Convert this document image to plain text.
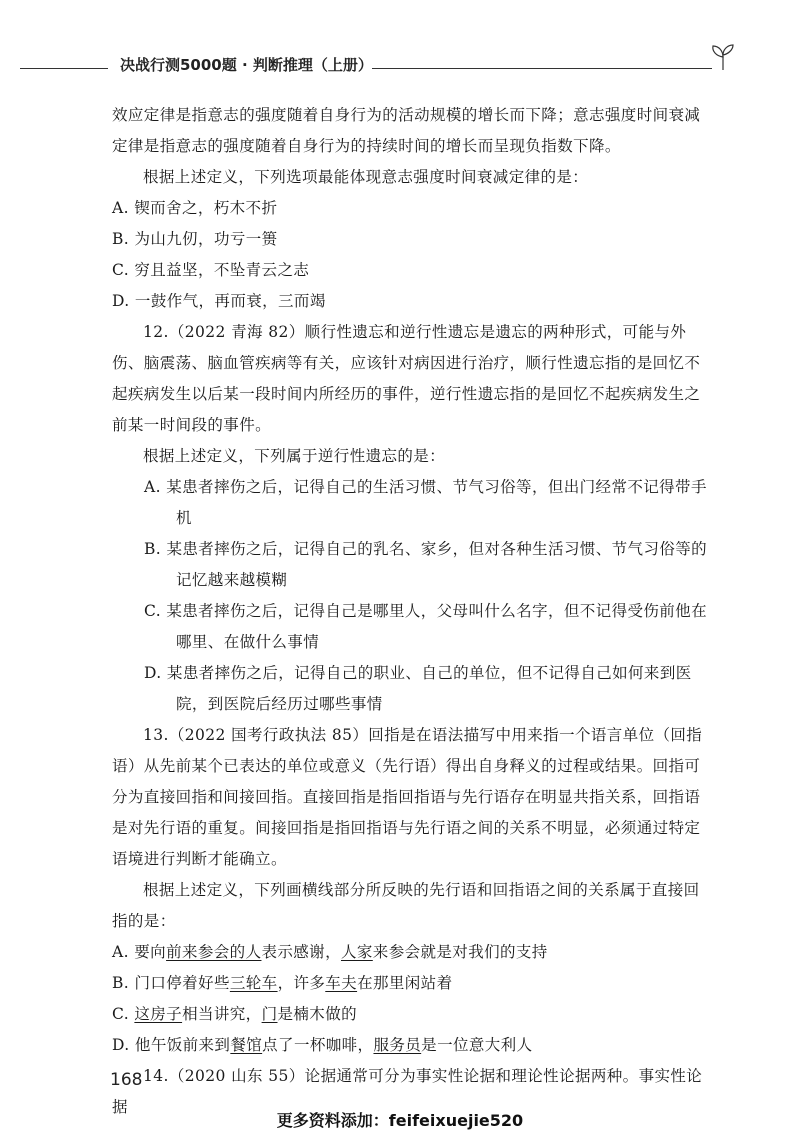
决战行测5000题 · 判断推理（上册）

效应定律是指意志的强度随着自身行为的活动规模的增长而下降；意志强度时间衰减定律是指意志的强度随着自身行为的持续时间的增长而呈现负指数下降。

根据上述定义，下列选项最能体现意志强度时间衰减定律的是：

A. 锲而舍之，朽木不折

B. 为山九仞，功亏一篑

C. 穷且益坚，不坠青云之志

D. 一鼓作气，再而衰，三而竭

12.（2022 青海 82）顺行性遗忘和逆行性遗忘是遗忘的两种形式，可能与外伤、脑震荡、脑血管疾病等有关，应该针对病因进行治疗，顺行性遗忘指的是回忆不起疾病发生以后某一段时间内所经历的事件，逆行性遗忘指的是回忆不起疾病发生之前某一时间段的事件。

根据上述定义，下列属于逆行性遗忘的是：

A. 某患者摔伤之后，记得自己的生活习惯、节气习俗等，但出门经常不记得带手机

B. 某患者摔伤之后，记得自己的乳名、家乡，但对各种生活习惯、节气习俗等的记忆越来越模糊

C. 某患者摔伤之后，记得自己是哪里人，父母叫什么名字，但不记得受伤前他在哪里、在做什么事情

D. 某患者摔伤之后，记得自己的职业、自己的单位，但不记得自己如何来到医院，到医院后经历过哪些事情

13.（2022 国考行政执法 85）回指是在语法描写中用来指一个语言单位（回指语）从先前某个已表达的单位或意义（先行语）得出自身释义的过程或结果。回指可分为直接回指和间接回指。直接回指是指回指语与先行语存在明显共指关系，回指语是对先行语的重复。间接回指是指回指语与先行语之间的关系不明显，必须通过特定语境进行判断才能确立。

根据上述定义，下列画横线部分所反映的先行语和回指语之间的关系属于直接回指的是：

A. 要向前来参会的人表示感谢，人家来参会就是对我们的支持

B. 门口停着好些三轮车，许多车夫在那里闲站着

C. 这房子相当讲究，门是楠木做的

D. 他午饭前来到餐馆点了一杯咖啡，服务员是一位意大利人

14.（2020 山东 55）论据通常可分为事实性论据和理论性论据两种。事实性论据

168
更多资料添加：feifeixuejie520
